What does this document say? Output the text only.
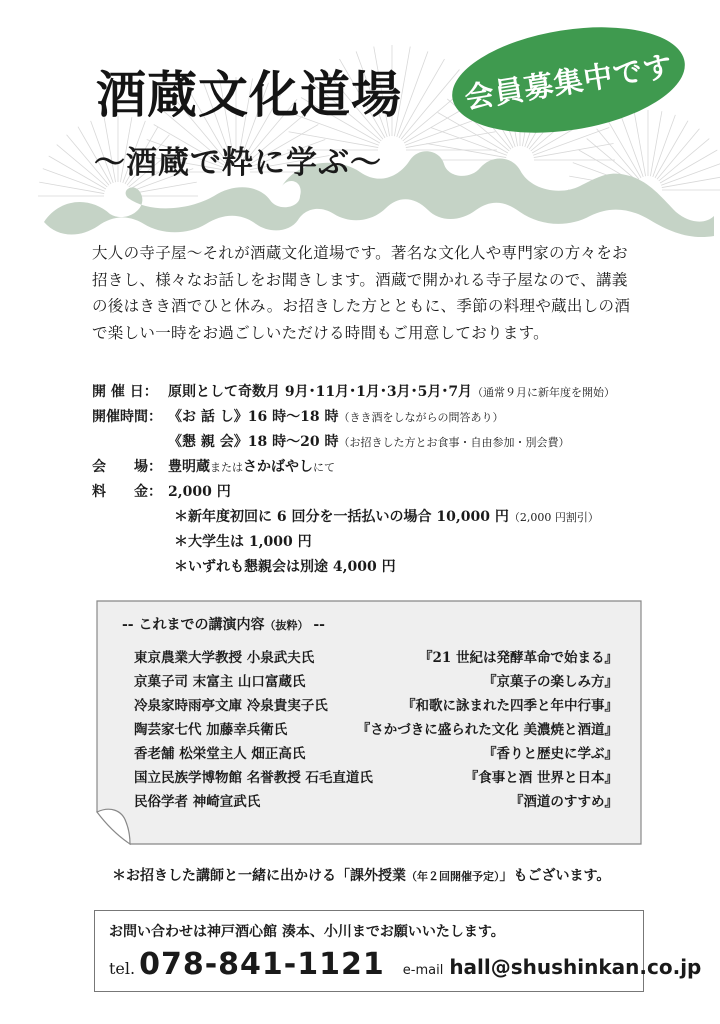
酒蔵文化道場
～酒蔵で粋に学ぶ～
会員募集中です
大人の寺子屋～それが酒蔵文化道場です。著名な文化人や専門家の方々をお
招きし、様々なお話しをお聞きします。酒蔵で開かれる寺子屋なので、講義
の後はきき酒でひと休み。お招きした方とともに、季節の料理や蔵出しの酒
で楽しい一時をお過ごしいただける時間もご用意しております。
開 催 日： 原則として奇数月 9月･11月･1月･3月･5月･7月 （通常９月に新年度を開始）
開催時間： 《お 話 し》16 時～18 時 （きき酒をしながらの問答あり）
《懇 親 会》18 時～20 時 （お招きした方とお食事・自由参加・別会費）
会　　場： 豊明蔵 または さかばやし にて
料　　金： 2,000 円
＊新年度初回に 6 回分を一括払いの場合 10,000 円 （2,000 円割引）
＊大学生は 1,000 円
＊いずれも懇親会は別途 4,000 円
-- これまでの講演内容（抜粋） --
東京農業大学教授 小泉武夫氏	『21 世紀は発酵革命で始まる』
京菓子司 末富主 山口富蔵氏	『京菓子の楽しみ方』
冷泉家時雨亭文庫 冷泉貴実子氏	『和歌に詠まれた四季と年中行事』
陶芸家七代 加藤幸兵衛氏	『さかづきに盛られた文化 美濃焼と酒道』
香老舗 松栄堂主人 畑正高氏	『香りと歴史に学ぶ』
国立民族学博物館 名誉教授 石毛直道氏	『食事と酒 世界と日本』
民俗学者 神崎宣武氏	『酒道のすすめ』
＊お招きした講師と一緒に出かける「課外授業（年２回開催予定）」もございます。
お問い合わせは神戸酒心館 湊本、小川までお願いいたします。
tel. 078-841-1121 e-mail hall@shushinkan.co.jp
